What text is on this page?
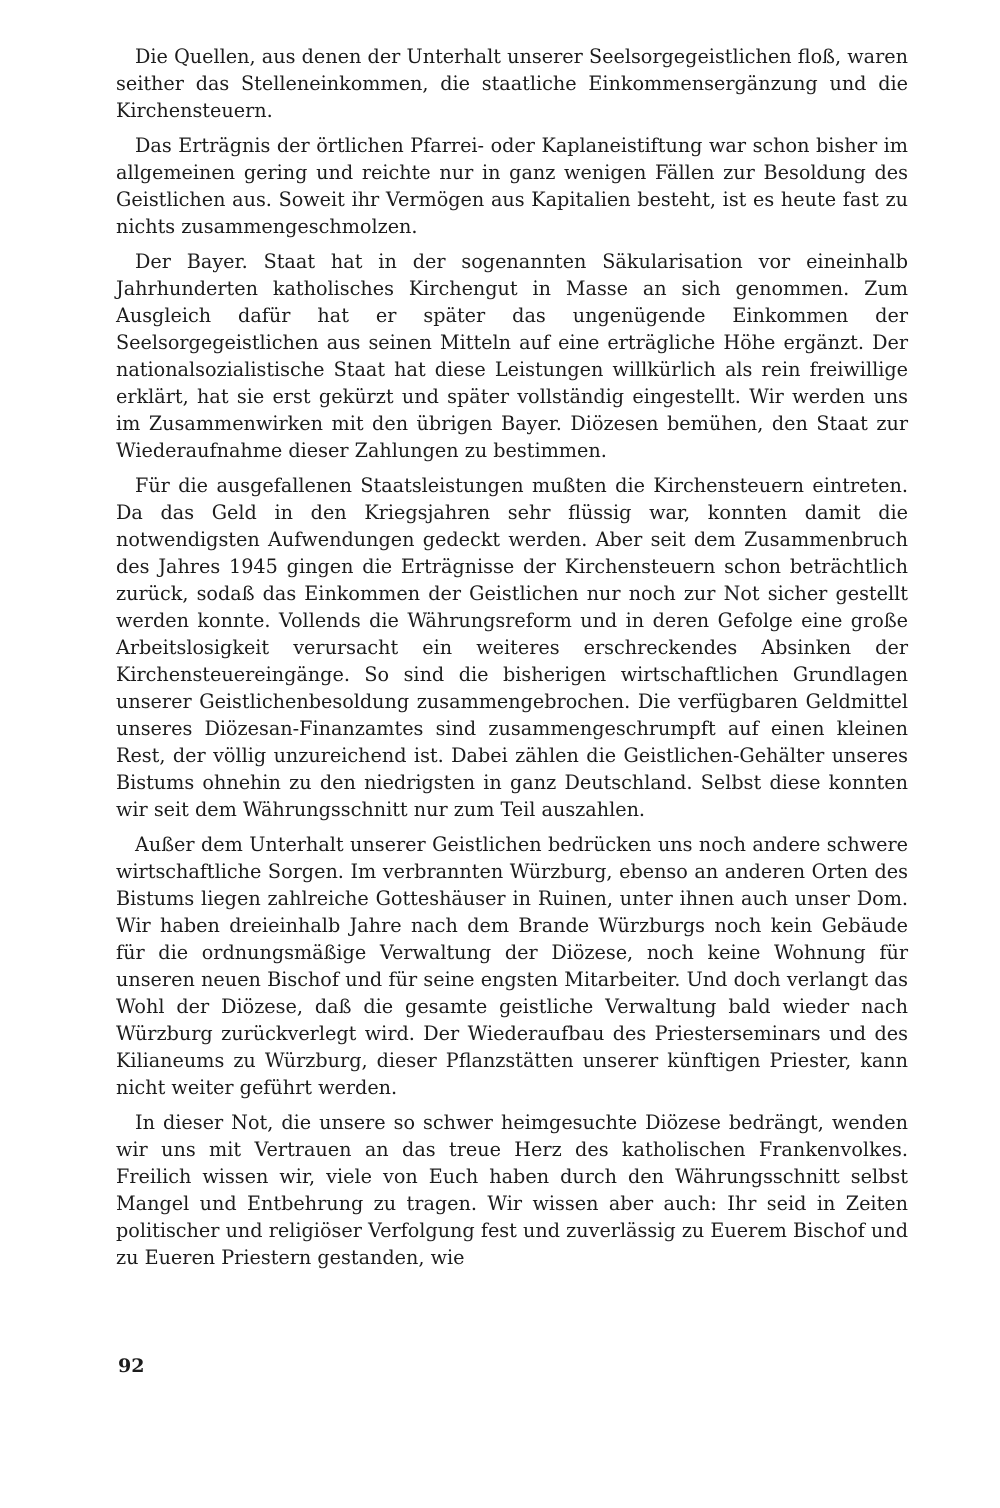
Die Quellen, aus denen der Unterhalt unserer Seelsorgegeistlichen floß, waren seither das Stelleneinkommen, die staatliche Einkommensergänzung und die Kirchensteuern.

Das Erträgnis der örtlichen Pfarrei- oder Kaplaneistiftung war schon bisher im allgemeinen gering und reichte nur in ganz wenigen Fällen zur Besoldung des Geistlichen aus. Soweit ihr Vermögen aus Kapitalien besteht, ist es heute fast zu nichts zusammengeschmolzen.

Der Bayer. Staat hat in der sogenannten Säkularisation vor eineinhalb Jahrhunderten katholisches Kirchengut in Masse an sich genommen. Zum Ausgleich dafür hat er später das ungenügende Einkommen der Seelsorgegeistlichen aus seinen Mitteln auf eine erträgliche Höhe ergänzt. Der nationalsozialistische Staat hat diese Leistungen willkürlich als rein freiwillige erklärt, hat sie erst gekürzt und später vollständig eingestellt. Wir werden uns im Zusammenwirken mit den übrigen Bayer. Diözesen bemühen, den Staat zur Wiederaufnahme dieser Zahlungen zu bestimmen.

Für die ausgefallenen Staatsleistungen mußten die Kirchensteuern eintreten. Da das Geld in den Kriegsjahren sehr flüssig war, konnten damit die notwendigsten Aufwendungen gedeckt werden. Aber seit dem Zusammenbruch des Jahres 1945 gingen die Erträgnisse der Kirchensteuern schon beträchtlich zurück, sodaß das Einkommen der Geistlichen nur noch zur Not sicher gestellt werden konnte. Vollends die Währungsreform und in deren Gefolge eine große Arbeitslosigkeit verursacht ein weiteres erschreckendes Absinken der Kirchensteuereingänge. So sind die bisherigen wirtschaftlichen Grundlagen unserer Geistlichenbesoldung zusammengebrochen. Die verfügbaren Geldmittel unseres Diözesan-Finanzamtes sind zusammengeschrumpft auf einen kleinen Rest, der völlig unzureichend ist. Dabei zählen die Geistlichen-Gehälter unseres Bistums ohnehin zu den niedrigsten in ganz Deutschland. Selbst diese konnten wir seit dem Währungsschnitt nur zum Teil auszahlen.

Außer dem Unterhalt unserer Geistlichen bedrücken uns noch andere schwere wirtschaftliche Sorgen. Im verbrannten Würzburg, ebenso an anderen Orten des Bistums liegen zahlreiche Gotteshäuser in Ruinen, unter ihnen auch unser Dom. Wir haben dreieinhalb Jahre nach dem Brande Würzburgs noch kein Gebäude für die ordnungsmäßige Verwaltung der Diözese, noch keine Wohnung für unseren neuen Bischof und für seine engsten Mitarbeiter. Und doch verlangt das Wohl der Diözese, daß die gesamte geistliche Verwaltung bald wieder nach Würzburg zurückverlegt wird. Der Wiederaufbau des Priesterseminars und des Kilianeums zu Würzburg, dieser Pflanzstätten unserer künftigen Priester, kann nicht weiter geführt werden.

In dieser Not, die unsere so schwer heimgesuchte Diözese bedrängt, wenden wir uns mit Vertrauen an das treue Herz des katholischen Frankenvolkes. Freilich wissen wir, viele von Euch haben durch den Währungsschnitt selbst Mangel und Entbehrung zu tragen. Wir wissen aber auch: Ihr seid in Zeiten politischer und religiöser Verfolgung fest und zuverlässig zu Euerem Bischof und zu Eueren Priestern gestanden, wie

92
